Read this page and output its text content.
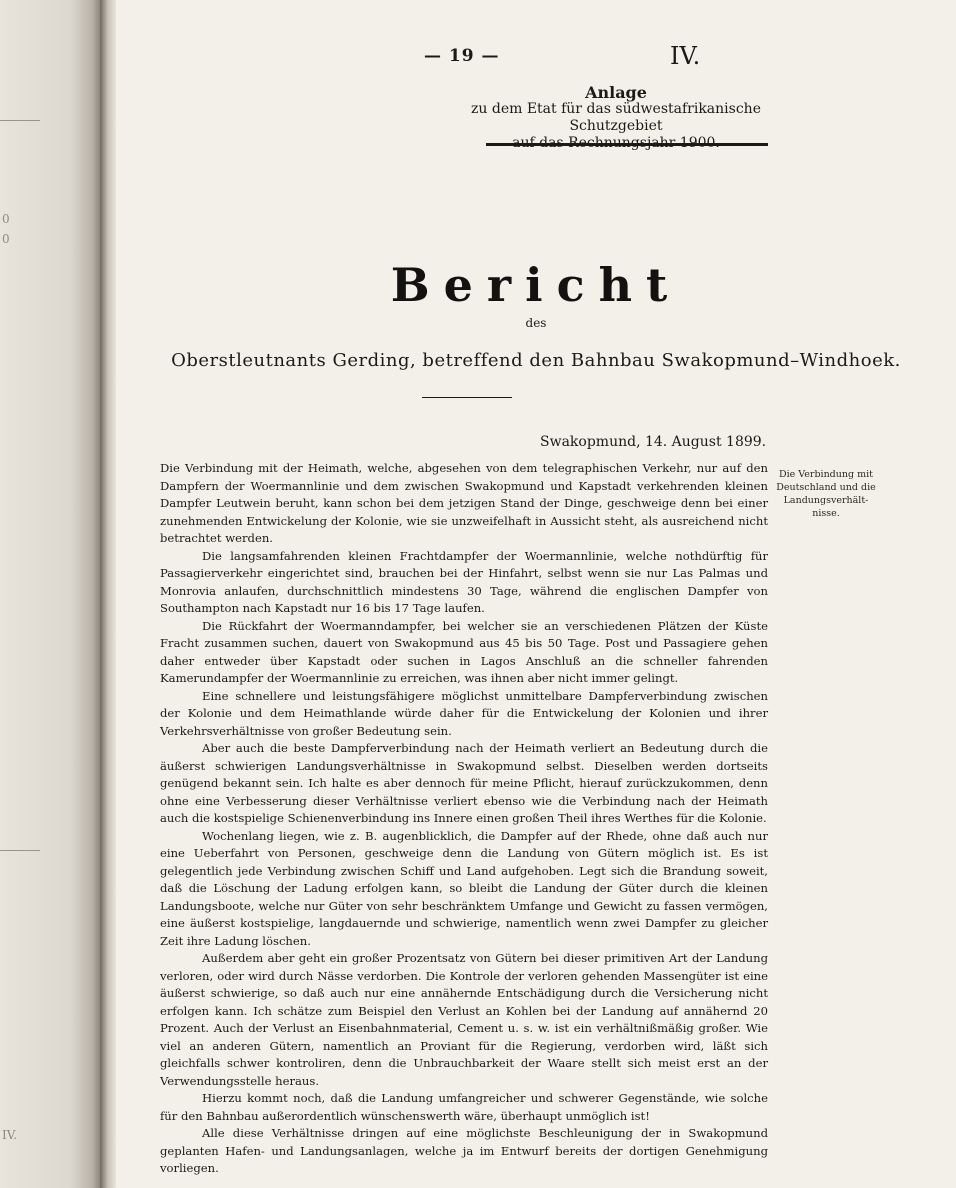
0
0
IV.
— 19 —	IV.
Anlage
zu dem Etat für das südwestafrikanische Schutzgebiet
Bericht
des
Oberstleutnants Gerding, betreffend den Bahnbau Swakopmund–Windhoek.
Swakopmund, 14. August 1899.

Die Verbindung mit der Heimath, welche, abgesehen von dem telegraphischen Verkehr, nur auf den Dampfern der Woermannlinie und dem zwischen Swakopmund und Kapstadt verkehrenden kleinen Dampfer Leutwein beruht, kann schon bei dem jetzigen Stand der Dinge, geschweige denn bei einer zunehmenden Entwickelung der Kolonie, wie sie unzweifelhaft in Aussicht steht, als ausreichend nicht betrachtet werden.

Die langsamfahrenden kleinen Frachtdampfer der Woermannlinie, welche nothdürftig für Passagierverkehr eingerichtet sind, brauchen bei der Hinfahrt, selbst wenn sie nur Las Palmas und Monrovia anlaufen, durchschnittlich mindestens 30 Tage, während die englischen Dampfer von Southampton nach Kapstadt nur 16 bis 17 Tage laufen.

Die Rückfahrt der Woermanndampfer, bei welcher sie an verschiedenen Plätzen der Küste Fracht zusammen suchen, dauert von Swakopmund aus 45 bis 50 Tage. Post und Passagiere gehen daher entweder über Kapstadt oder suchen in Lagos Anschluß an die schneller fahrenden Kamerundampfer der Woermannlinie zu erreichen, was ihnen aber nicht immer gelingt.

Eine schnellere und leistungsfähigere möglichst unmittelbare Dampferverbindung zwischen der Kolonie und dem Heimathlande würde daher für die Entwickelung der Kolonien und ihrer Verkehrsverhältnisse von großer Bedeutung sein.

Aber auch die beste Dampferverbindung nach der Heimath verliert an Bedeutung durch die äußerst schwierigen Landungsverhältnisse in Swakopmund selbst. Dieselben werden dortseits genügend bekannt sein. Ich halte es aber dennoch für meine Pflicht, hierauf zurückzukommen, denn ohne eine Verbesserung dieser Verhältnisse verliert ebenso wie die Verbindung nach der Heimath auch die kostspielige Schienenverbindung ins Innere einen großen Theil ihres Werthes für die Kolonie.

Wochenlang liegen, wie z. B. augenblicklich, die Dampfer auf der Rhede, ohne daß auch nur eine Ueberfahrt von Personen, geschweige denn die Landung von Gütern möglich ist. Es ist gelegentlich jede Verbindung zwischen Schiff und Land aufgehoben. Legt sich die Brandung soweit, daß die Löschung der Ladung erfolgen kann, so bleibt die Landung der Güter durch die kleinen Landungsboote, welche nur Güter von sehr beschränktem Umfange und Gewicht zu fassen vermögen, eine äußerst kostspielige, langdauernde und schwierige, namentlich wenn zwei Dampfer zu gleicher Zeit ihre Ladung löschen.

Außerdem aber geht ein großer Prozentsatz von Gütern bei dieser primitiven Art der Landung verloren, oder wird durch Nässe verdorben. Die Kontrole der verloren gehenden Massengüter ist eine äußerst schwierige, so daß auch nur eine annähernde Entschädigung durch die Versicherung nicht erfolgen kann. Ich schätze zum Beispiel den Verlust an Kohlen bei der Landung auf annähernd 20 Prozent. Auch der Verlust an Eisenbahnmaterial, Cement u. s. w. ist ein verhältnißmäßig großer. Wie viel an anderen Gütern, namentlich an Proviant für die Regierung, verdorben wird, läßt sich gleichfalls schwer kontroliren, denn die Unbrauchbarkeit der Waare stellt sich meist erst an der Verwendungsstelle heraus.

Hierzu kommt noch, daß die Landung umfangreicher und schwerer Gegenstände, wie solche für den Bahnbau außerordentlich wünschenswerth wäre, überhaupt unmöglich ist!

Alle diese Verhältnisse dringen auf eine möglichste Beschleunigung der in Swakopmund geplanten Hafen- und Landungsanlagen, welche ja im Entwurf bereits der dortigen Genehmigung vorliegen.

Die Verbindung mit Deutschland und die Landungsverhält-nisse.
